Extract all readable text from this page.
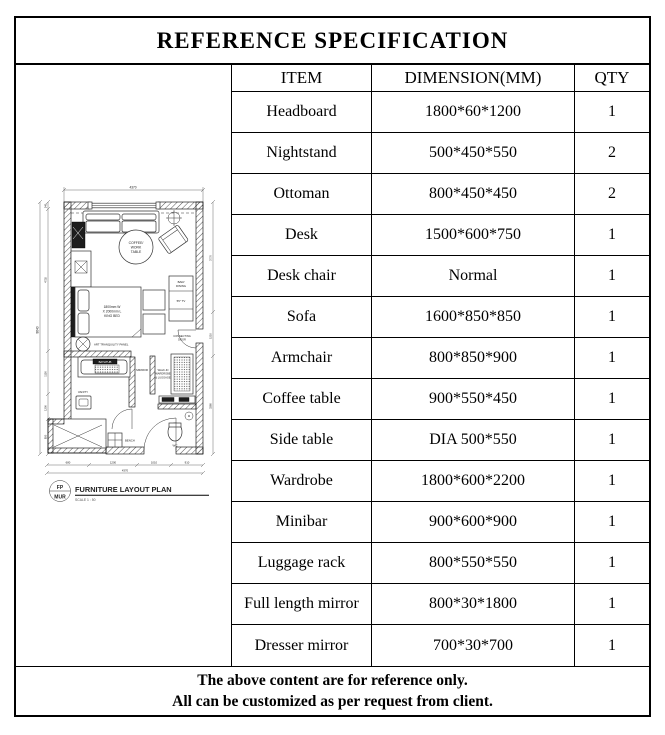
REFERENCE SPECIFICATION
4370
8640
240
4735
1150
1200
850
3770
1510
3360
680	1200	1010	910
4370
COFFEE/
WORK
TABLE
1800mm W
X 2000mm L
KING BED
BAR/
DINING
55" TV
ART TRANQUILITY PANEL
BATHTUB
MIRROR
VANITY
CONNECTING
DOOR
WALK-IN
WARDROBE
& LUGGAGE
WC
BENCH
FP
MUR
FURNITURE LAYOUT PLAN
SCALE 1 : 50
ITEM	DIMENSION(MM)	QTY
Headboard	1800*60*1200	1
Nightstand	500*450*550	2
Ottoman	800*450*450	2
Desk	1500*600*750	1
Desk chair	Normal	1
Sofa	1600*850*850	1
Armchair	800*850*900	1
Coffee table	900*550*450	1
Side table	DIA 500*550	1
Wardrobe	1800*600*2200	1
Minibar	900*600*900	1
Luggage rack	800*550*550	1
Full length mirror	800*30*1800	1
Dresser mirror	700*30*700	1
The above content are for reference only.
All can be customized as per request from client.
